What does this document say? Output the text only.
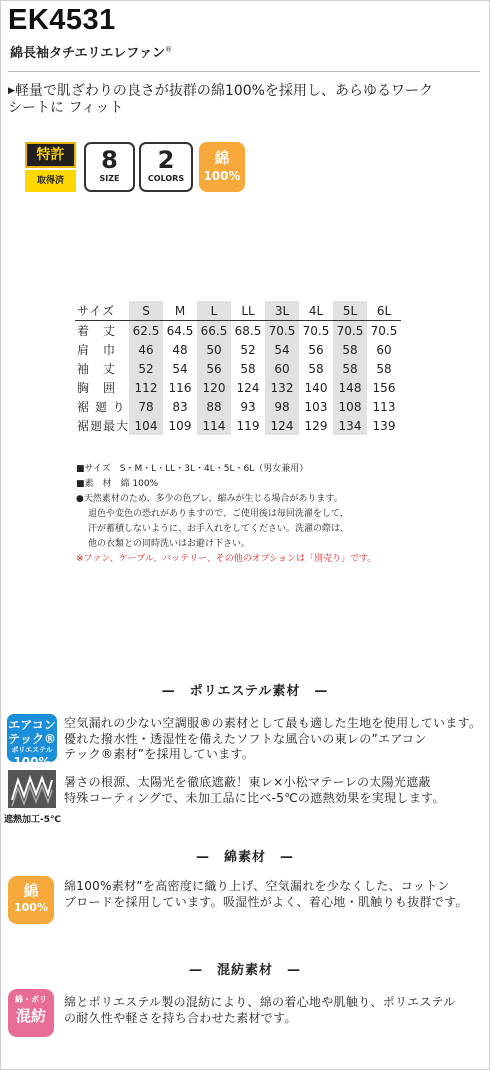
EK4531
綿長袖タチエリエレファン®
▶軽量で肌ざわりの良さが抜群の綿100%を採用し、あらゆるワーク
シートに フィット
特許
取得済
8
SIZE
2
COLORS
綿
100%
サイズ	S	M	L	LL	3L	4L	5L	6L
着　丈	62.5	64.5	66.5	68.5	70.5	70.5	70.5	70.5
肩　巾	46	48	50	52	54	56	58	60
袖　丈	52	54	56	58	60	58	58	58
胸　囲	112	116	120	124	132	140	148	156
裾 廻 り	78	83	88	93	98	103	108	113
裾廻最大	104	109	114	119	124	129	134	139
■サイズ　S・M・L・LL・3L・4L・5L・6L（男女兼用）
■素　材　綿 100%
●天然素材のため、多少の色ブレ、縮みが生じる場合があります。
退色や変色の恐れがありますので、ご使用後は毎回洗濯をして、
汗が蓄積しないように、お手入れをしてください。洗濯の際は、
他の衣類との同時洗いはお避け下さい。
※ファン、ケーブル、バッテリー、その他のオプションは「別売り」です。
—　ポリエステル素材　—
エアコン
テック®
ポリエステル
100%
空気漏れの少ない空調服®の素材として最も適した生地を使用しています。
優れた撥水性・透湿性を備えたソフトな風合いの東レの”エアコン
テック®素材”を採用しています。
遮熱加工-5℃
暑さの根源、太陽光を徹底遮蔽！東レ×小松マテーレの太陽光遮蔽
特殊コーティングで、未加工品に比べ-5℃の遮熱効果を実現します。
—　綿素材　—
綿
100%
綿100%素材”を高密度に織り上げ、空気漏れを少なくした、コットン
ブロードを採用しています。吸湿性がよく、着心地・肌触りも抜群です。
—　混紡素材　—
綿・ポリ
混紡
綿とポリエステル製の混紡により、綿の着心地や肌触り、ポリエステル
の耐久性や軽さを持ち合わせた素材です。
